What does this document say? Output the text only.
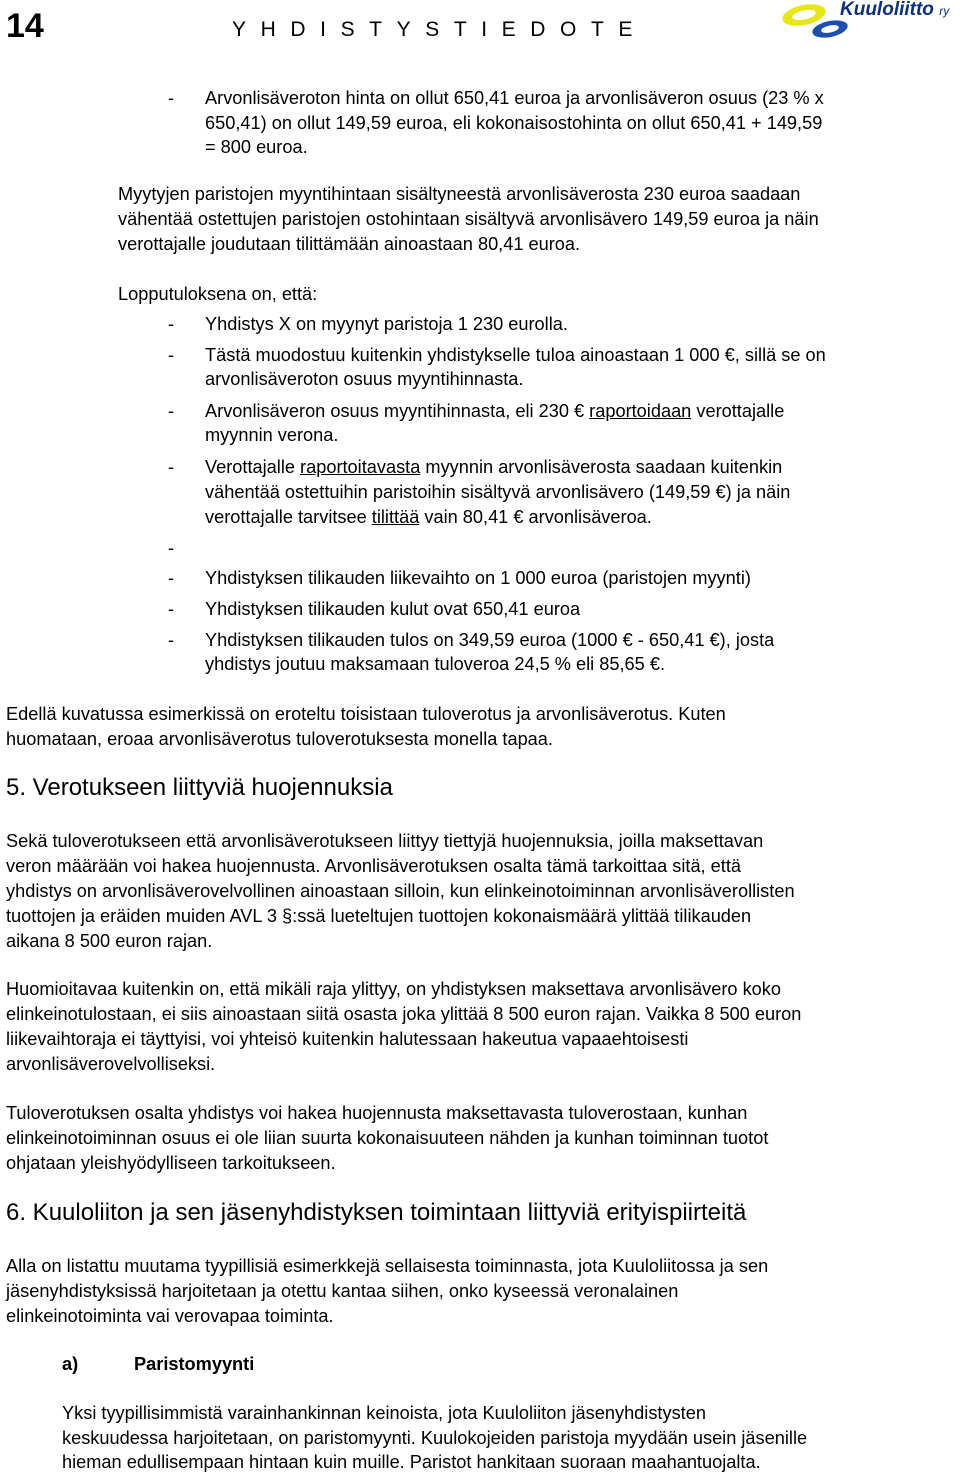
14	YHDISTYSTIEDOTE
Kuuloliitto ry
- Arvonlisäveroton hinta on ollut 650,41 euroa ja arvonlisäveron osuus (23 % x
650,41) on ollut 149,59 euroa, eli kokonaisostohinta on ollut 650,41 + 149,59
= 800 euroa.
Myytyjen paristojen myyntihintaan sisältyneestä arvonlisäverosta 230 euroa saadaan
vähentää ostettujen paristojen ostohintaan sisältyvä arvonlisävero 149,59 euroa ja näin
verottajalle joudutaan tilittämään ainoastaan 80,41 euroa.
Lopputuloksena on, että:
- Yhdistys X on myynyt paristoja 1 230 eurolla.
- Tästä muodostuu kuitenkin yhdistykselle tuloa ainoastaan 1 000 €, sillä se on
arvonlisäveroton osuus myyntihinnasta.
- Arvonlisäveron osuus myyntihinnasta, eli 230 € raportoidaan verottajalle
myynnin verona.
- Verottajalle raportoitavasta myynnin arvonlisäverosta saadaan kuitenkin
vähentää ostettuihin paristoihin sisältyvä arvonlisävero (149,59 €) ja näin
verottajalle tarvitsee tilittää vain 80,41 € arvonlisäveroa.
-
- Yhdistyksen tilikauden liikevaihto on 1 000 euroa (paristojen myynti)
- Yhdistyksen tilikauden kulut ovat 650,41 euroa
- Yhdistyksen tilikauden tulos on 349,59 euroa (1000 € - 650,41 €), josta
yhdistys joutuu maksamaan tuloveroa 24,5 % eli 85,65 €.
Edellä kuvatussa esimerkissä on eroteltu toisistaan tuloverotus ja arvonlisäverotus. Kuten
huomataan, eroaa arvonlisäverotus tuloverotuksesta monella tapaa.
5. Verotukseen liittyviä huojennuksia
Sekä tuloverotukseen että arvonlisäverotukseen liittyy tiettyjä huojennuksia, joilla maksettavan
veron määrään voi hakea huojennusta. Arvonlisäverotuksen osalta tämä tarkoittaa sitä, että
yhdistys on arvonlisäverovelvollinen ainoastaan silloin, kun elinkeinotoiminnan arvonlisäverollisten
tuottojen ja eräiden muiden AVL 3 §:ssä lueteltujen tuottojen kokonaismäärä ylittää tilikauden
aikana 8 500 euron rajan.
Huomioitavaa kuitenkin on, että mikäli raja ylittyy, on yhdistyksen maksettava arvonlisävero koko
elinkeinotulostaan, ei siis ainoastaan siitä osasta joka ylittää 8 500 euron rajan. Vaikka 8 500 euron
liikevaihtoraja ei täyttyisi, voi yhteisö kuitenkin halutessaan hakeutua vapaaehtoisesti
arvonlisäverovelvolliseksi.
Tuloverotuksen osalta yhdistys voi hakea huojennusta maksettavasta tuloverostaan, kunhan
elinkeinotoiminnan osuus ei ole liian suurta kokonaisuuteen nähden ja kunhan toiminnan tuotot
ohjataan yleishyödylliseen tarkoitukseen.
6. Kuuloliiton ja sen jäsenyhdistyksen toimintaan liittyviä erityispiirteitä
Alla on listattu muutama tyypillisiä esimerkkejä sellaisesta toiminnasta, jota Kuuloliitossa ja sen
jäsenyhdistyksissä harjoitetaan ja otettu kantaa siihen, onko kyseessä veronalainen
elinkeinotoiminta vai verovapaa toiminta.
a)	Paristomyynti
Yksi tyypillisimmistä varainhankinnan keinoista, jota Kuuloliiton jäsenyhdistysten
keskuudessa harjoitetaan, on paristomyynti. Kuulokojeiden paristoja myydään usein jäsenille
hieman edullisempaan hintaan kuin muille. Paristot hankitaan suoraan maahantuojalta.
